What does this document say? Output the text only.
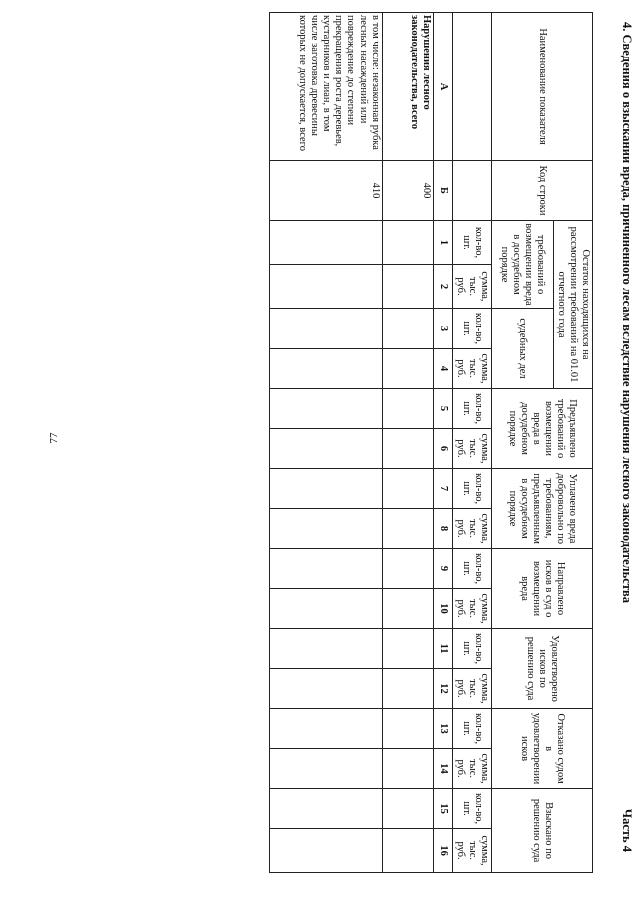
77	4. Сведения о взыскании вреда, причиненного лесам вследствие нарушения лесного законодательства
Часть 4
Наименование показателя	Код строки	Остаток находящихся на рассмотрении требований на 01.01 отчетного года				Предъявлено требований о возмещении вреда в досудебном порядке		Уплачено вреда добровольно по требованиям, предъявленным в досудебном порядке		Направлено исков в суд о возмещении вреда		Удовлетворено исков по решению суда		Отказано судом в удовлетворении исков		Взыскано по решению суда	
		требований о возмещении вреда в досудебном порядке		судебных дел													
		кол-во, шт.	сумма, тыс. руб.	кол-во, шт.	сумма, тыс. руб.	кол-во, шт.	сумма, тыс. руб.	кол-во, шт.	сумма, тыс. руб.	кол-во, шт.	сумма, тыс. руб.	кол-во, шт.	сумма, тыс. руб.	кол-во, шт.	сумма, тыс. руб.	кол-во, шт.	сумма, тыс. руб.
А	Б	1	2	3	4	5	6	7	8	9	10	11	12	13	14	15	16
Нарушения лесного законодательства, всего	400																
в том числе: незаконная рубка лесных насаждений или повреждение до степени прекращения роста деревьев, кустарников и лиан, в том числе заготовка древесины которых не допускается, всего	410																
